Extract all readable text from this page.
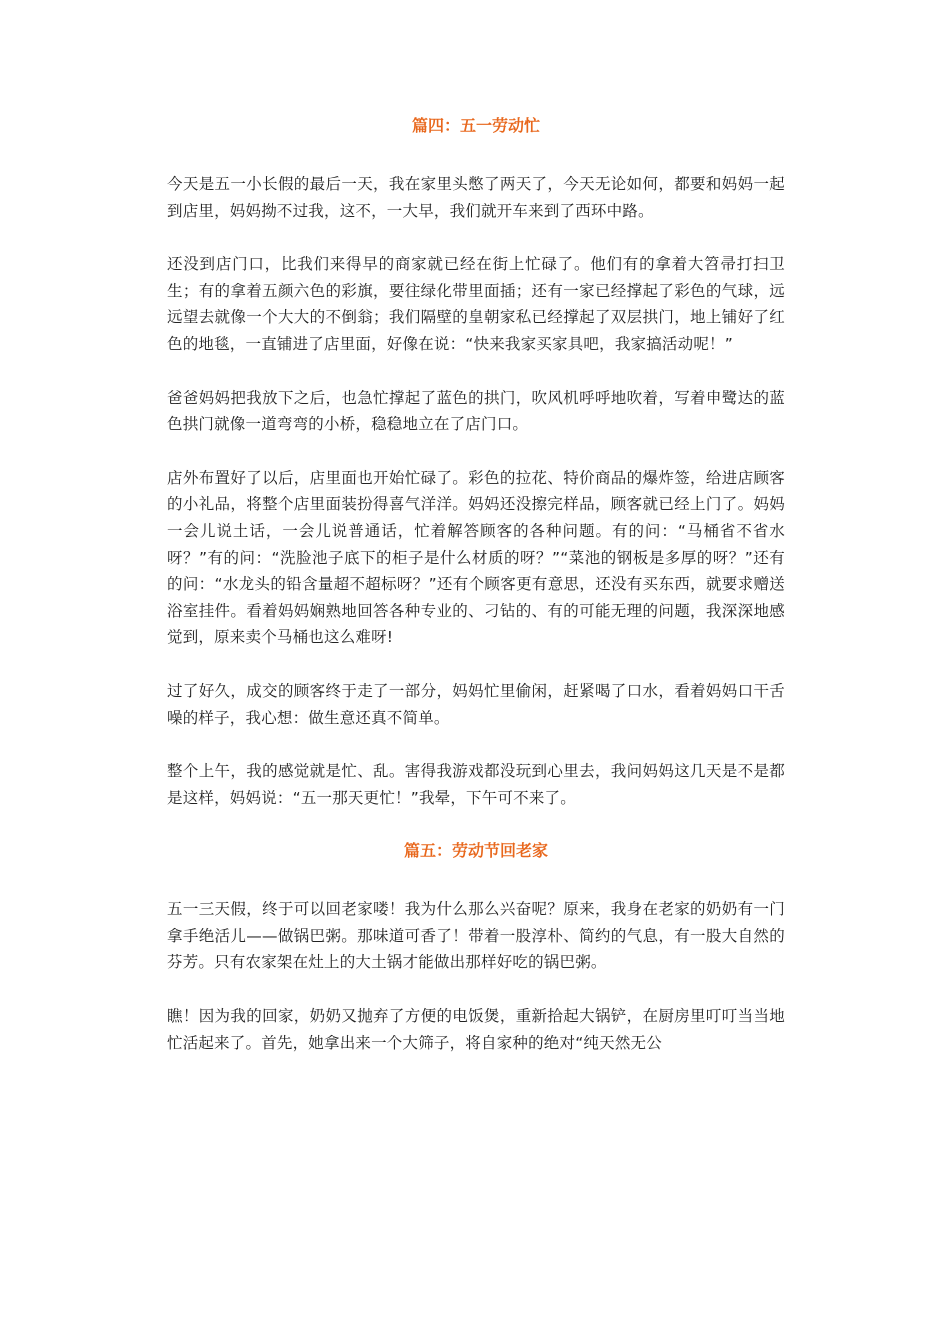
篇四：五一劳动忙

今天是五一小长假的最后一天，我在家里头憋了两天了，今天无论如何，都要和妈妈一起到店里，妈妈拗不过我，这不，一大早，我们就开车来到了西环中路。

还没到店门口，比我们来得早的商家就已经在街上忙碌了。他们有的拿着大笤帚打扫卫生；有的拿着五颜六色的彩旗，要往绿化带里面插；还有一家已经撑起了彩色的气球，远远望去就像一个大大的不倒翁；我们隔壁的皇朝家私已经撑起了双层拱门，地上铺好了红色的地毯，一直铺进了店里面，好像在说：“快来我家买家具吧，我家搞活动呢！”

爸爸妈妈把我放下之后，也急忙撑起了蓝色的拱门，吹风机呼呼地吹着，写着申鹭达的蓝色拱门就像一道弯弯的小桥，稳稳地立在了店门口。

店外布置好了以后，店里面也开始忙碌了。彩色的拉花、特价商品的爆炸签，给进店顾客的小礼品，将整个店里面装扮得喜气洋洋。妈妈还没擦完样品，顾客就已经上门了。妈妈一会儿说土话，一会儿说普通话，忙着解答顾客的各种问题。有的问：“马桶省不省水呀？”有的问：“洗脸池子底下的柜子是什么材质的呀？”“菜池的钢板是多厚的呀？”还有的问：“水龙头的铅含量超不超标呀？”还有个顾客更有意思，还没有买东西，就要求赠送浴室挂件。看着妈妈娴熟地回答各种专业的、刁钻的、有的可能无理的问题，我深深地感觉到，原来卖个马桶也这么难呀!

过了好久，成交的顾客终于走了一部分，妈妈忙里偷闲，赶紧喝了口水，看着妈妈口干舌噪的样子，我心想：做生意还真不简单。

整个上午，我的感觉就是忙、乱。害得我游戏都没玩到心里去，我问妈妈这几天是不是都是这样，妈妈说：“五一那天更忙！”我晕，下午可不来了。

篇五：劳动节回老家

五一三天假，终于可以回老家喽！我为什么那么兴奋呢？原来，我身在老家的奶奶有一门拿手绝活儿——做锅巴粥。那味道可香了！带着一股淳朴、简约的气息，有一股大自然的芬芳。只有农家架在灶上的大土锅才能做出那样好吃的锅巴粥。

瞧！因为我的回家，奶奶又抛弃了方便的电饭煲，重新拾起大锅铲，在厨房里叮叮当当地忙活起来了。首先，她拿出来一个大筛子，将自家种的绝对“纯天然无公
